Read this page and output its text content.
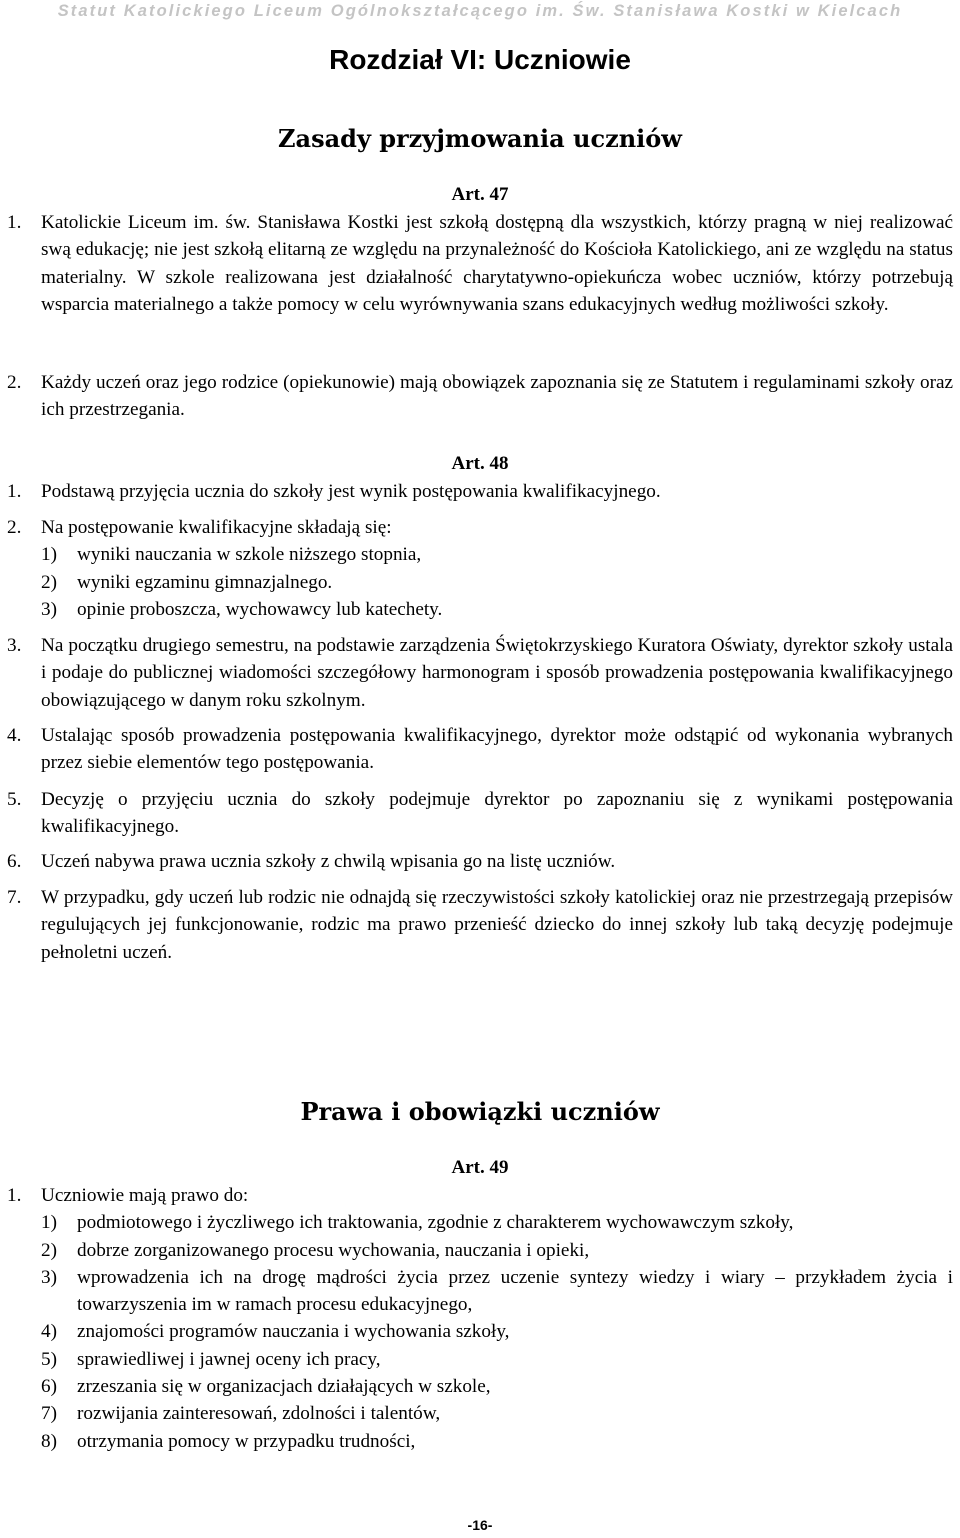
Statut Katolickiego Liceum Ogólnokształcącego im. Św. Stanisława Kostki w Kielcach
Rozdział VI: Uczniowie
Zasady przyjmowania uczniów
Art. 47
1. Katolickie Liceum im. św. Stanisława Kostki jest szkołą dostępną dla wszystkich, którzy pragną w niej realizować swą edukację; nie jest szkołą elitarną ze względu na przynależność do Kościoła Katolickiego, ani ze względu na status materialny. W szkole realizowana jest działalność charytatywno-opiekuńcza wobec uczniów, którzy potrzebują wsparcia materialnego a także pomocy w celu wyrównywania szans edukacyjnych według możliwości szkoły.
2. Każdy uczeń oraz jego rodzice (opiekunowie) mają obowiązek zapoznania się ze Statutem i regulaminami szkoły oraz ich przestrzegania.
Art. 48
1. Podstawą przyjęcia ucznia do szkoły jest wynik postępowania kwalifikacyjnego.
2. Na postępowanie kwalifikacyjne składają się:
1) wyniki nauczania w szkole niższego stopnia,
2) wyniki egzaminu gimnazjalnego.
3) opinie proboszcza, wychowawcy lub katechety.
3. Na początku drugiego semestru, na podstawie zarządzenia Świętokrzyskiego Kuratora Oświaty, dyrektor szkoły ustala i podaje do publicznej wiadomości szczegółowy harmonogram i sposób prowadzenia postępowania kwalifikacyjnego obowiązującego w danym roku szkolnym.
4. Ustalając sposób prowadzenia postępowania kwalifikacyjnego, dyrektor może odstąpić od wykonania wybranych przez siebie elementów tego postępowania.
5. Decyzję o przyjęciu ucznia do szkoły podejmuje dyrektor po zapoznaniu się z wynikami postępowania kwalifikacyjnego.
6. Uczeń nabywa prawa ucznia szkoły z chwilą wpisania go na listę uczniów.
7. W przypadku, gdy uczeń lub rodzic nie odnajdą się rzeczywistości szkoły katolickiej oraz nie przestrzegają przepisów regulujących jej funkcjonowanie, rodzic ma prawo przenieść dziecko do innej szkoły lub taką decyzję podejmuje pełnoletni uczeń.
Prawa i obowiązki uczniów
Art. 49
1. Uczniowie mają prawo do:
1) podmiotowego i życzliwego ich traktowania, zgodnie z charakterem wychowawczym szkoły,
2) dobrze zorganizowanego procesu wychowania, nauczania i opieki,
3) wprowadzenia ich na drogę mądrości życia przez uczenie syntezy wiedzy i wiary – przykładem życia i towarzyszenia im w ramach procesu edukacyjnego,
4) znajomości programów nauczania i wychowania szkoły,
5) sprawiedliwej i jawnej oceny ich pracy,
6) zrzeszania się w organizacjach działających w szkole,
7) rozwijania zainteresowań, zdolności i talentów,
8) otrzymania pomocy w przypadku trudności,
-16-
